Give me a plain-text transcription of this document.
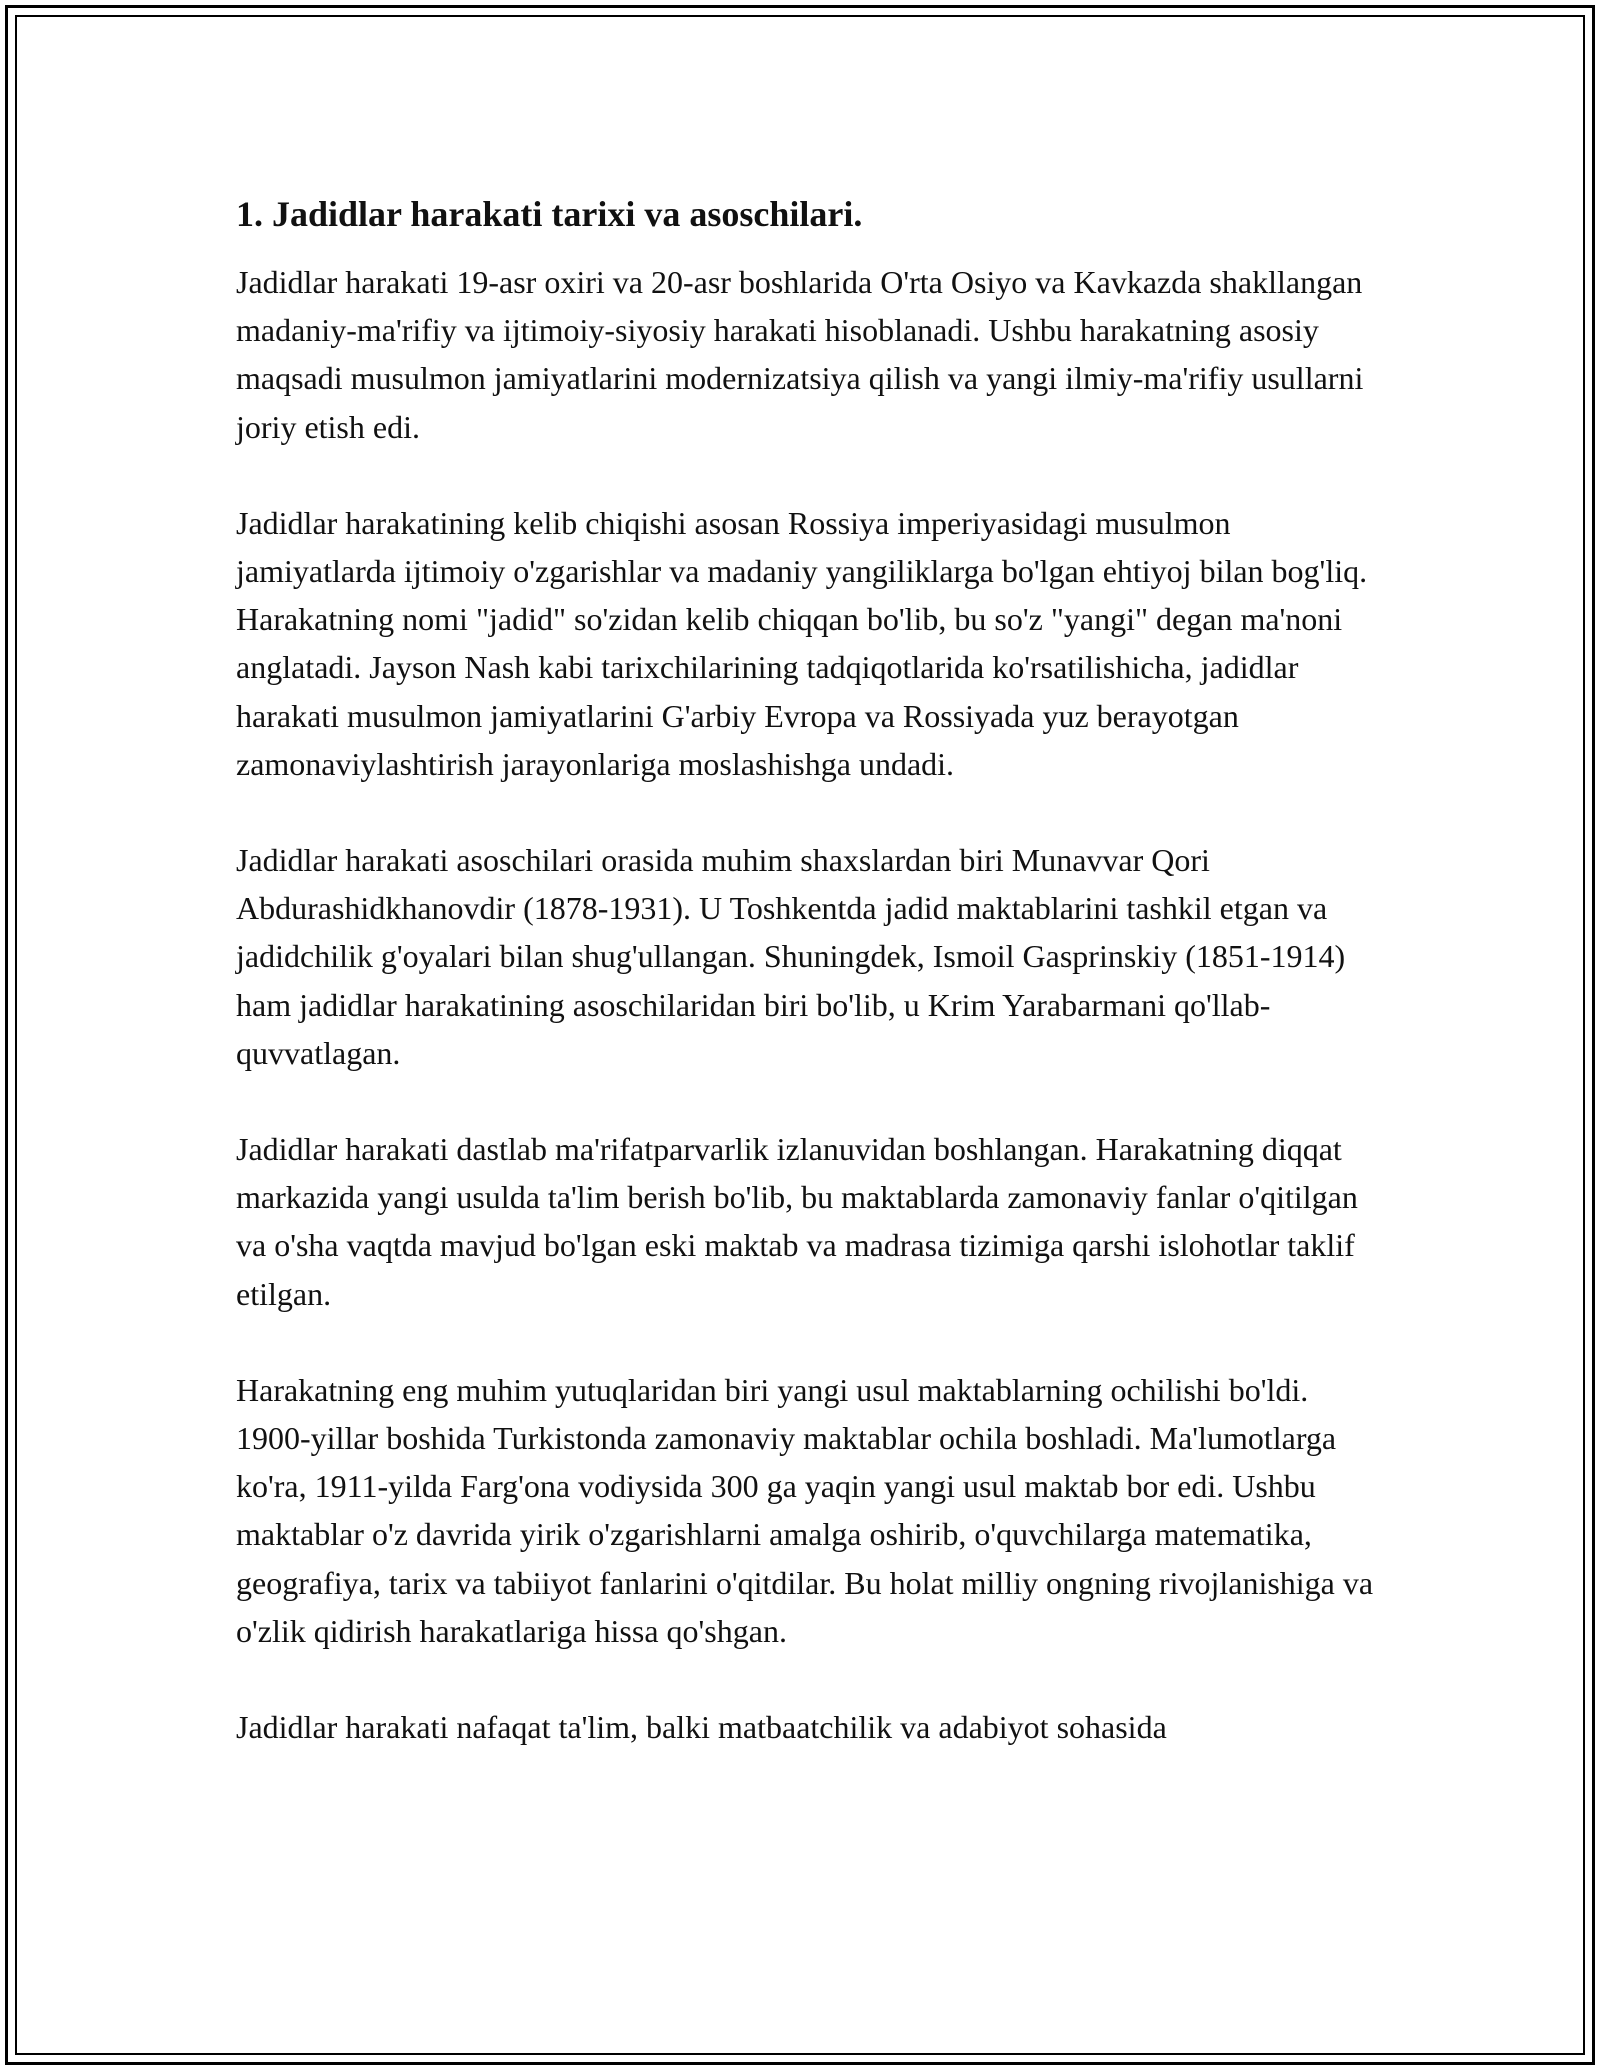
1. Jadidlar harakati tarixi va asoschilari.

Jadidlar harakati 19-asr oxiri va 20-asr boshlarida O'rta Osiyo va Kavkazda shakllangan madaniy-ma'rifiy va ijtimoiy-siyosiy harakati hisoblanadi. Ushbu harakatning asosiy maqsadi musulmon jamiyatlarini modernizatsiya qilish va yangi ilmiy-ma'rifiy usullarni joriy etish edi.

Jadidlar harakatining kelib chiqishi asosan Rossiya imperiyasidagi musulmon jamiyatlarda ijtimoiy o'zgarishlar va madaniy yangiliklarga bo'lgan ehtiyoj bilan bog'liq. Harakatning nomi "jadid" so'zidan kelib chiqqan bo'lib, bu so'z "yangi" degan ma'noni anglatadi. Jayson Nash kabi tarixchilarining tadqiqotlarida ko'rsatilishicha, jadidlar harakati musulmon jamiyatlarini G'arbiy Evropa va Rossiyada yuz berayotgan zamonaviylashtirish jarayonlariga moslashishga undadi.

Jadidlar harakati asoschilari orasida muhim shaxslardan biri Munavvar Qori Abdurashidkhanovdir (1878-1931). U Toshkentda jadid maktablarini tashkil etgan va jadidchilik g'oyalari bilan shug'ullangan. Shuningdek, Ismoil Gasprinskiy (1851-1914) ham jadidlar harakatining asoschilaridan biri bo'lib, u Krim Yarabarmani qo'llab-quvvatlagan.

Jadidlar harakati dastlab ma'rifatparvarlik izlanuvidan boshlangan. Harakatning diqqat markazida yangi usulda ta'lim berish bo'lib, bu maktablarda zamonaviy fanlar o'qitilgan va o'sha vaqtda mavjud bo'lgan eski maktab va madrasa tizimiga qarshi islohotlar taklif etilgan.

Harakatning eng muhim yutuqlaridan biri yangi usul maktablarning ochilishi bo'ldi. 1900-yillar boshida Turkistonda zamonaviy maktablar ochila boshladi. Ma'lumotlarga ko'ra, 1911-yilda Farg'ona vodiysida 300 ga yaqin yangi usul maktab bor edi. Ushbu maktablar o'z davrida yirik o'zgarishlarni amalga oshirib, o'quvchilarga matematika, geografiya, tarix va tabiiyot fanlarini o'qitdilar. Bu holat milliy ongning rivojlanishiga va o'zlik qidirish harakatlariga hissa qo'shgan.

Jadidlar harakati nafaqat ta'lim, balki matbaatchilik va adabiyot sohasida
